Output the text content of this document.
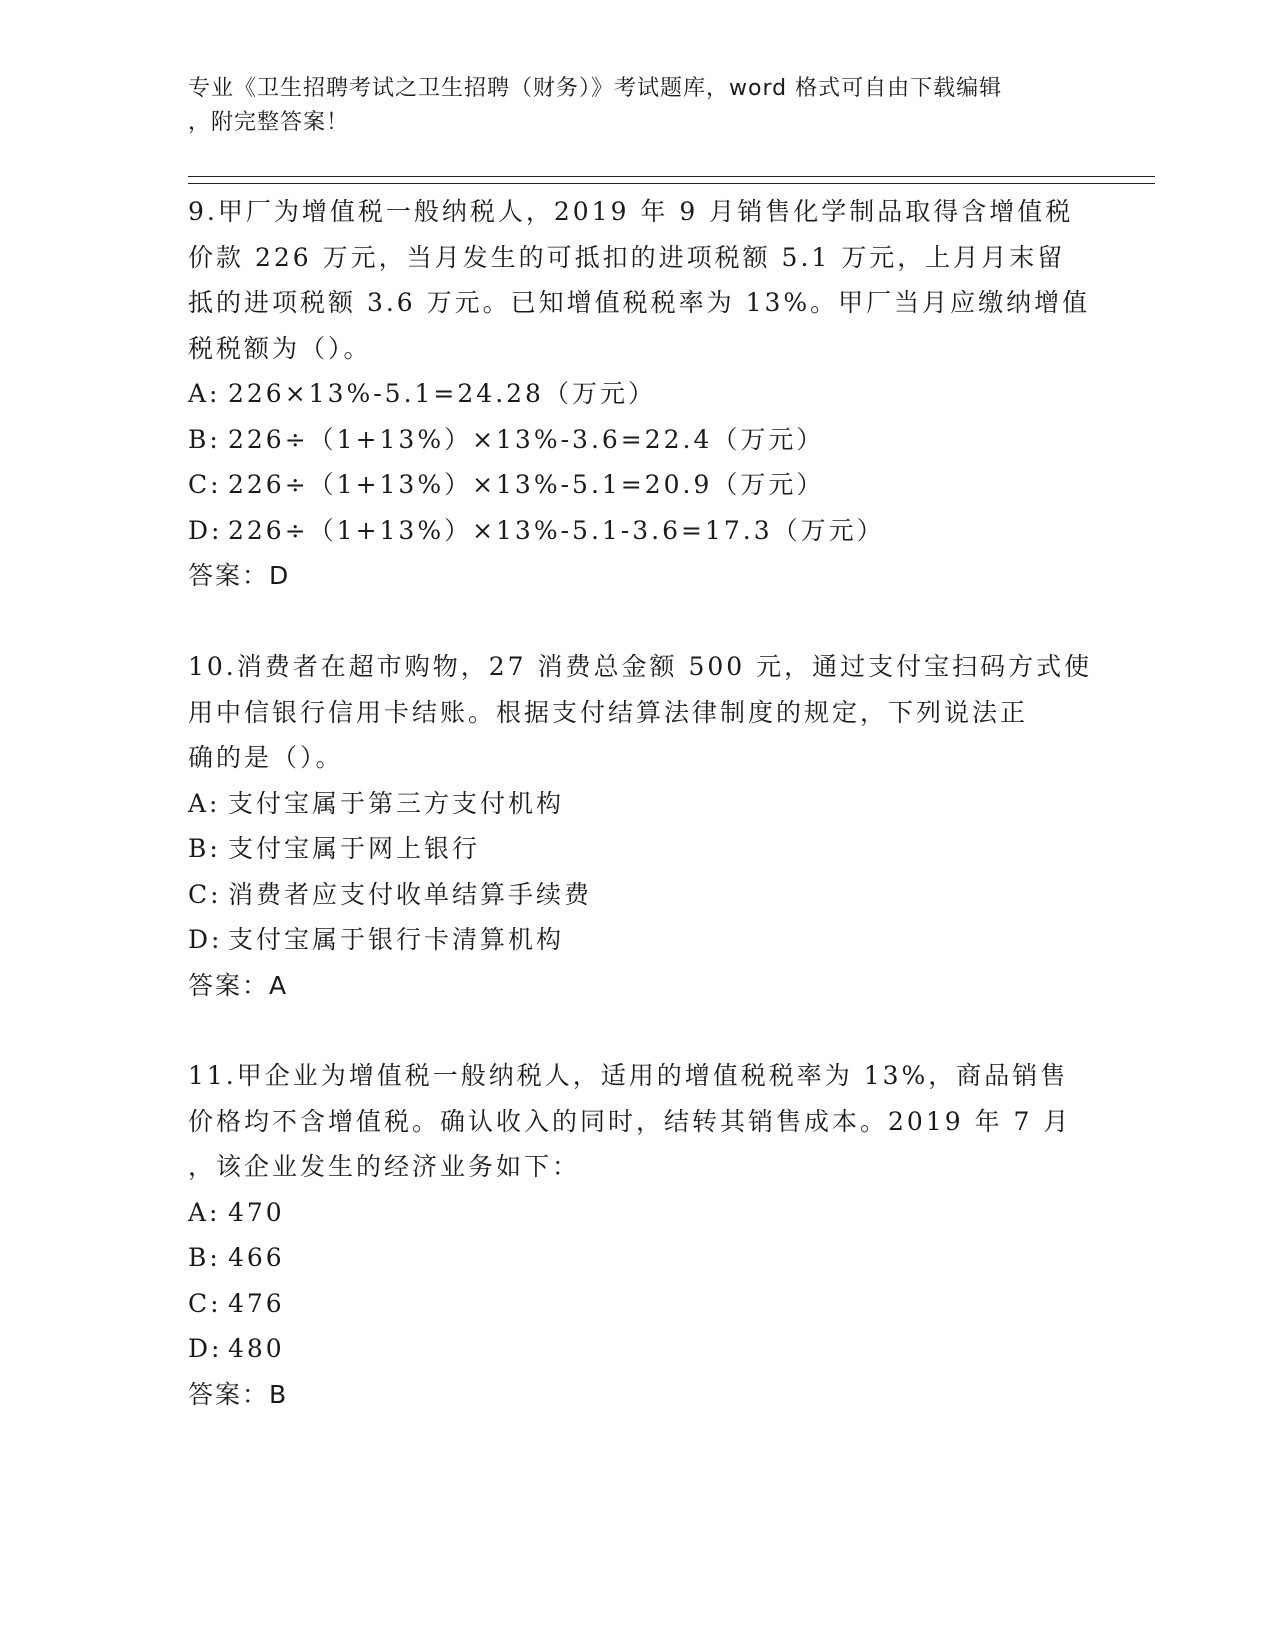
专业《卫生招聘考试之卫生招聘（财务）》考试题库，word 格式可自由下载编辑
，附完整答案！
9.甲厂为增值税一般纳税人，2019 年 9 月销售化学制品取得含增值税
价款 226 万元，当月发生的可抵扣的进项税额 5.1 万元，上月月末留
抵的进项税额 3.6 万元。已知增值税税率为 13%。甲厂当月应缴纳增值
税税额为（）。
A: 226×13%-5.1=24.28（万元）
B: 226÷（1+13%）×13%-3.6=22.4（万元）
C: 226÷（1+13%）×13%-5.1=20.9（万元）
D: 226÷（1+13%）×13%-5.1-3.6=17.3（万元）
答案：D
10.消费者在超市购物，27 消费总金额 500 元，通过支付宝扫码方式使
用中信银行信用卡结账。根据支付结算法律制度的规定，下列说法正
确的是（）。
A: 支付宝属于第三方支付机构
B: 支付宝属于网上银行
C: 消费者应支付收单结算手续费
D: 支付宝属于银行卡清算机构
答案：A
11.甲企业为增值税一般纳税人，适用的增值税税率为 13%，商品销售
价格均不含增值税。确认收入的同时，结转其销售成本。2019 年 7 月
，该企业发生的经济业务如下：
A: 470
B: 466
C: 476
D: 480
答案：B
